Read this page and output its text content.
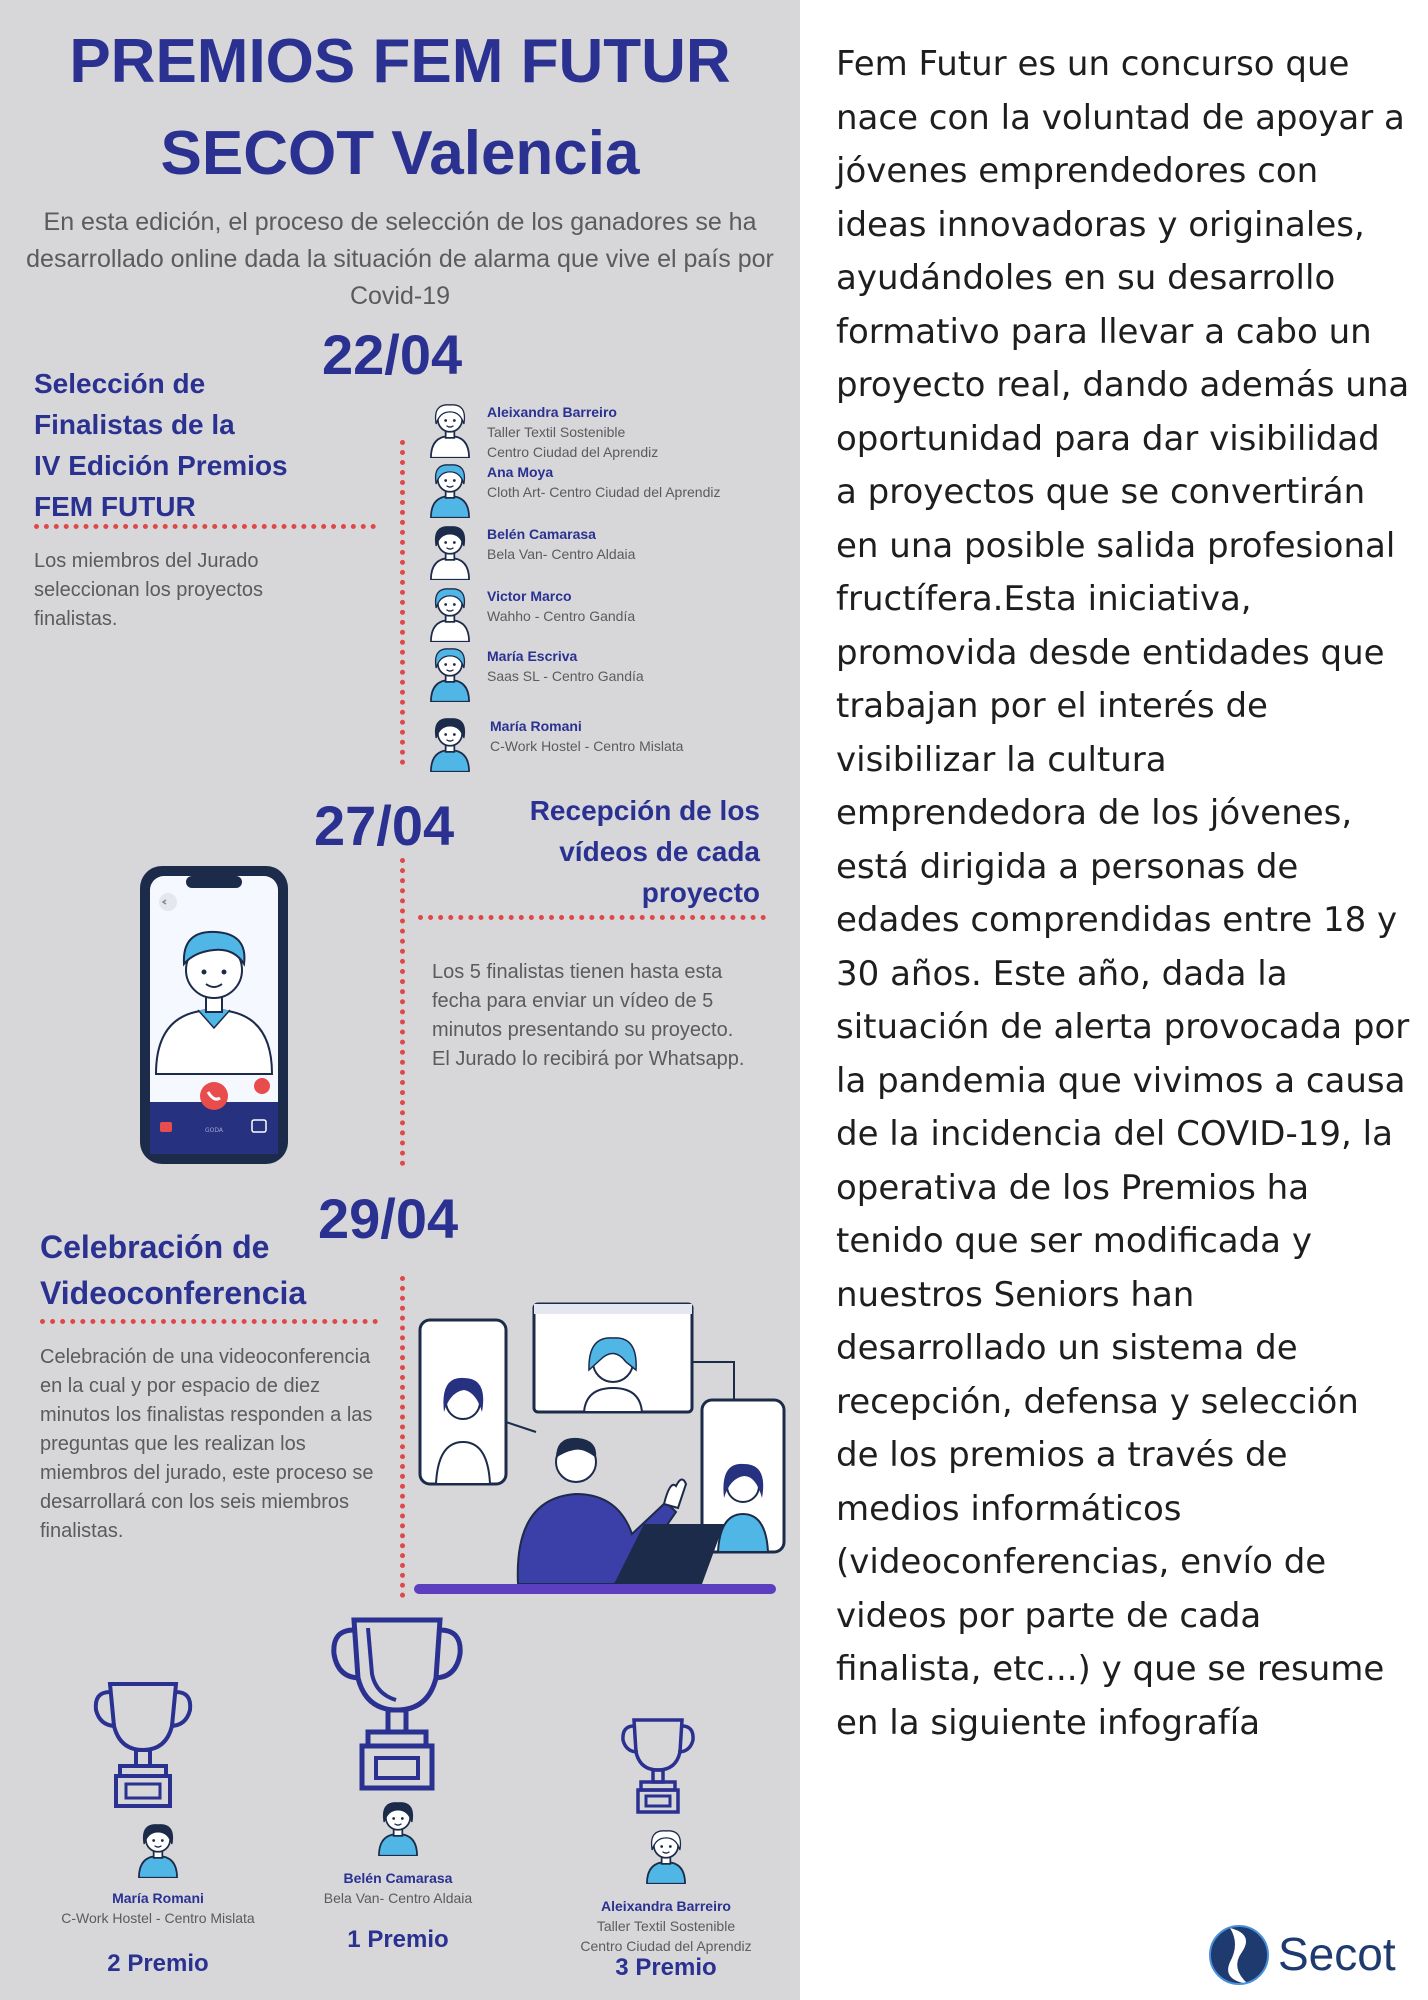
PREMIOS FEM FUTUR
SECOT Valencia
En esta edición, el proceso de selección de los ganadores se ha desarrollado online dada la situación de alarma que vive el país por Covid-19
22/04
Selección de
Finalistas de la
IV Edición Premios
FEM FUTUR
Los miembros del Jurado seleccionan los proyectos finalistas.
Aleixandra Barreiro
Taller Textil Sostenible
Centro Ciudad del Aprendiz
Ana Moya
Cloth Art- Centro Ciudad del Aprendiz
Belén Camarasa
Bela Van- Centro Aldaia
Victor Marco
Wahho - Centro Gandía
María Escriva
Saas SL - Centro Gandía
María Romani
C-Work Hostel - Centro Mislata
27/04	Recepción de los
vídeos de cada
proyecto
Los 5 finalistas tienen hasta esta fecha para enviar un vídeo de 5 minutos presentando su proyecto. El Jurado lo recibirá por Whatsapp.
GODA
29/04
Celebración de
Videoconferencia
Celebración de una videoconferencia en la cual y por espacio de diez minutos los finalistas responden a las preguntas que les realizan los miembros del jurado, este proceso se desarrollará con los seis miembros finalistas.
María Romani
C-Work Hostel - Centro Mislata
2 Premio
Belén Camarasa
Bela Van- Centro Aldaia
1 Premio
Aleixandra Barreiro
Taller Textil Sostenible
Centro Ciudad del Aprendiz
3 Premio

Fem Futur es un concurso que nace con la voluntad de apoyar a jóvenes emprendedores con ideas innovadoras y originales, ayudándoles en su desarrollo formativo para llevar a cabo un proyecto real, dando además una oportunidad para dar visibilidad a proyectos que se convertirán en una posible salida profesional fructífera.Esta iniciativa, promovida desde entidades que trabajan por el interés de visibilizar la cultura emprendedora de los jóvenes, está dirigida a personas de edades comprendidas entre 18 y 30 años. Este año, dada la situación de alerta provocada por la pandemia que vivimos a causa de la incidencia del COVID-19, la operativa de los Premios ha tenido que ser modificada y nuestros Seniors han desarrollado un sistema de recepción, defensa y selección de los premios a través de medios informáticos (videoconferencias, envío de videos por parte de cada finalista, etc...) y que se resume en la siguiente infografía

Secot
